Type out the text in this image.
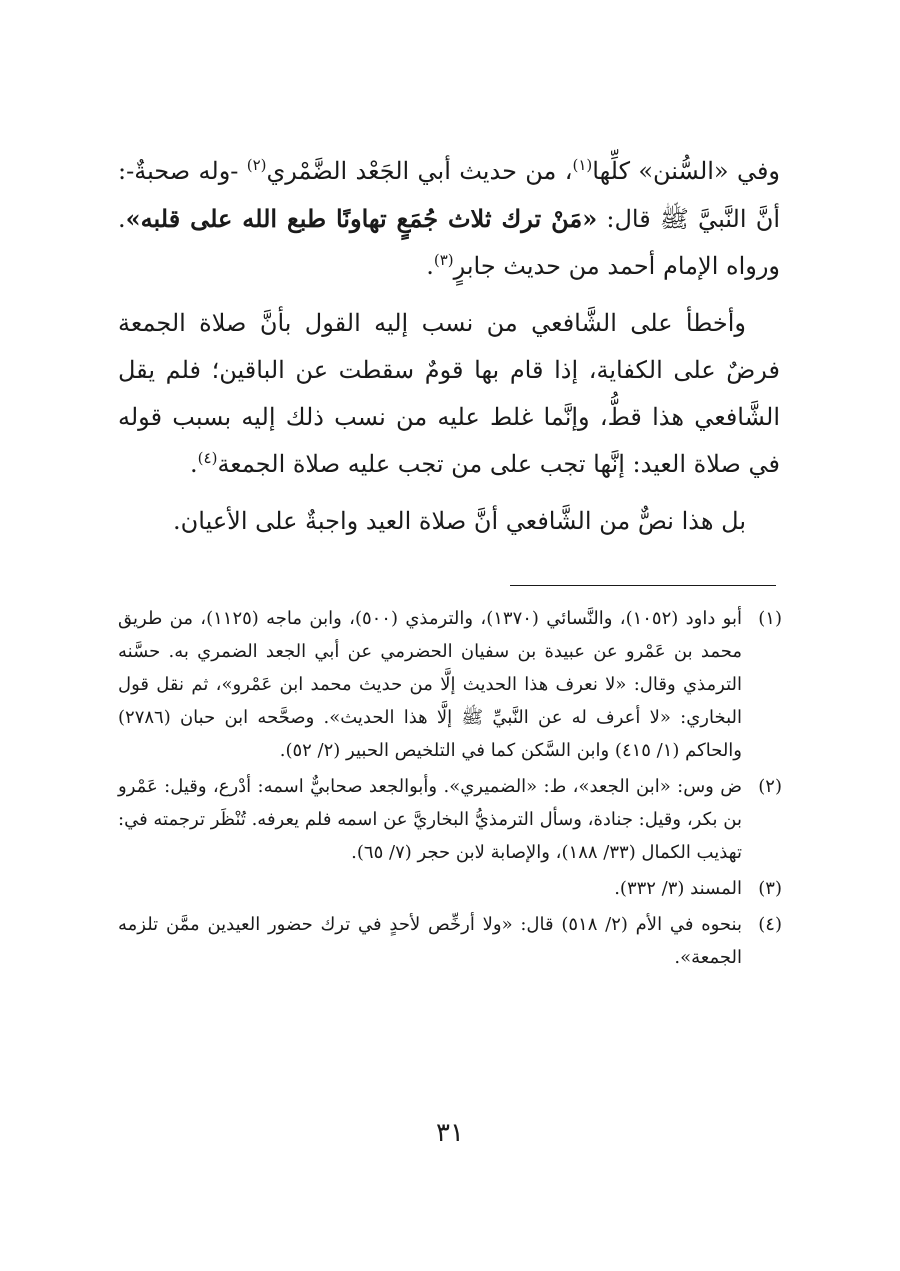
وفي «السُّنن» كلِّها$^{(١)}$، من حديث أبي الجَعْد الضَّمْري$^{(٢)}$ -وله صحبةٌ-: أنَّ النَّبيَّ ﷺ قال: «مَنْ ترك ثلاث جُمَعٍ تهاونًا طبع الله على قلبه». ورواه الإمام أحمد من حديث جابرٍ$^{(٣)}$.

وأخطأ على الشَّافعي من نسب إليه القول بأنَّ صلاة الجمعة فرضٌ على الكفاية، إذا قام بها قومٌ سقطت عن الباقين؛ فلم يقل الشَّافعي هذا قطُّ، وإنَّما غلط عليه من نسب ذلك إليه بسبب قوله في صلاة العيد: إنَّها تجب على من تجب عليه صلاة الجمعة$^{(٤)}$.

بل هذا نصٌّ من الشَّافعي أنَّ صلاة العيد واجبةٌ على الأعيان.

(١)
أبو داود (١٠٥٢)، والنَّسائي (١٣٧٠)، والترمذي (٥٠٠)، وابن ماجه (١١٢٥)، من طريق محمد بن عَمْرو عن عبيدة بن سفيان الحضرمي عن أبي الجعد الضمري به. حسَّنه الترمذي وقال: «لا نعرف هذا الحديث إلَّا من حديث محمد ابن عَمْرو»، ثم نقل قول البخاري: «لا أعرف له عن النَّبيِّ ﷺ إلَّا هذا الحديث». وصحَّحه ابن حبان (٢٧٨٦) والحاكم (١/ ٤١٥) وابن السَّكن كما في التلخيص الحبير (٢/ ٥٢).
(٢)
ض وس: «ابن الجعد»، ط: «الضميري». وأبوالجعد صحابيٌّ اسمه: أدْرع، وقيل: عَمْرو بن بكر، وقيل: جنادة، وسأل الترمذيُّ البخاريَّ عن اسمه فلم يعرفه. تُنْظَر ترجمته في: تهذيب الكمال (٣٣/ ١٨٨)، والإصابة لابن حجر (٧/ ٦٥).
(٣)
المسند (٣/ ٣٣٢).
(٤)
بنحوه في الأم (٢/ ٥١٨) قال: «ولا أرخِّص لأحدٍ في ترك حضور العيدين ممَّن تلزمه الجمعة».
٣١
